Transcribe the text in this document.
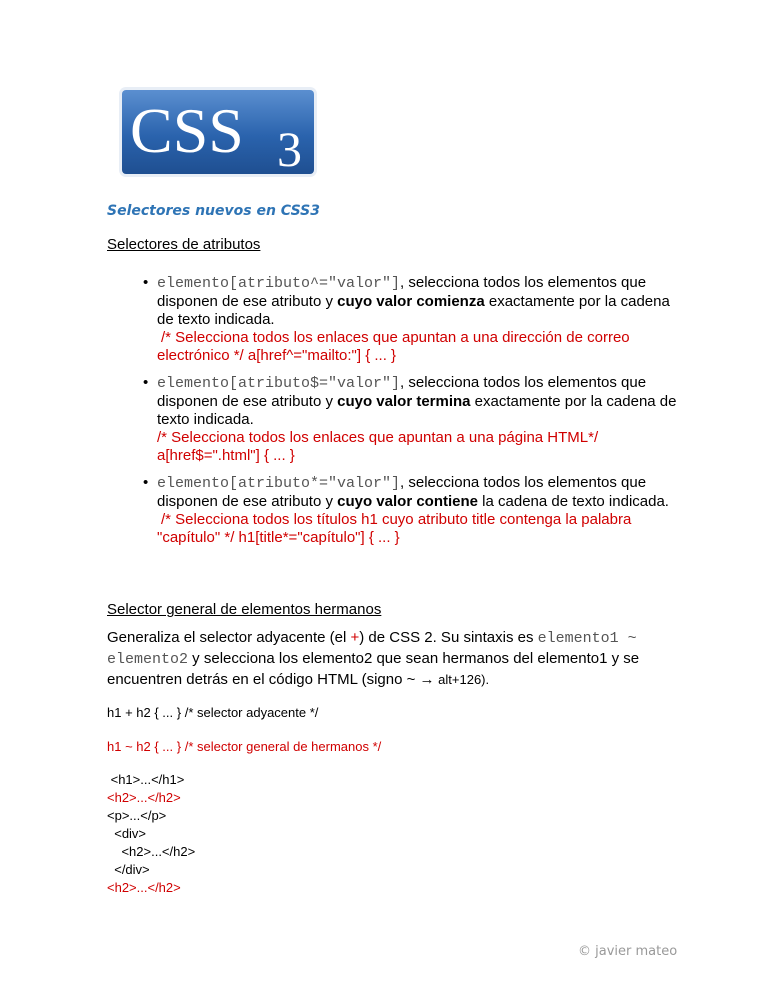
CSS 3
Selectores nuevos en CSS3
Selectores de atributos
• elemento[atributo^="valor"], selecciona todos los elementos que disponen de ese atributo y cuyo valor comienza exactamente por la cadena de texto indicada.
/* Selecciona todos los enlaces que apuntan a una dirección de correo electrónico */ a[href^="mailto:"] { ... }
• elemento[atributo$="valor"], selecciona todos los elementos que disponen de ese atributo y cuyo valor termina exactamente por la cadena de texto indicada.
/* Selecciona todos los enlaces que apuntan a una página HTML*/ a[href$=".html"] { ... }
• elemento[atributo*="valor"], selecciona todos los elementos que disponen de ese atributo y cuyo valor contiene la cadena de texto indicada.
/* Selecciona todos los títulos h1 cuyo atributo title contenga la palabra "capítulo" */ h1[title*="capítulo"] { ... }
Selector general de elementos hermanos
Generaliza el selector adyacente (el +) de CSS 2. Su sintaxis es elemento1 ~ elemento2 y selecciona los elemento2 que sean hermanos del elemento1 y se encuentren detrás en el código HTML (signo ~ → alt+126).
h1 + h2 { ... } /* selector adyacente */
h1 ~ h2 { ... } /* selector general de hermanos */
<h1>...</h1>
<h2>...</h2>
<p>...</p>
<div>
<h2>...</h2>
</div>
<h2>...</h2>
© javier mateo
